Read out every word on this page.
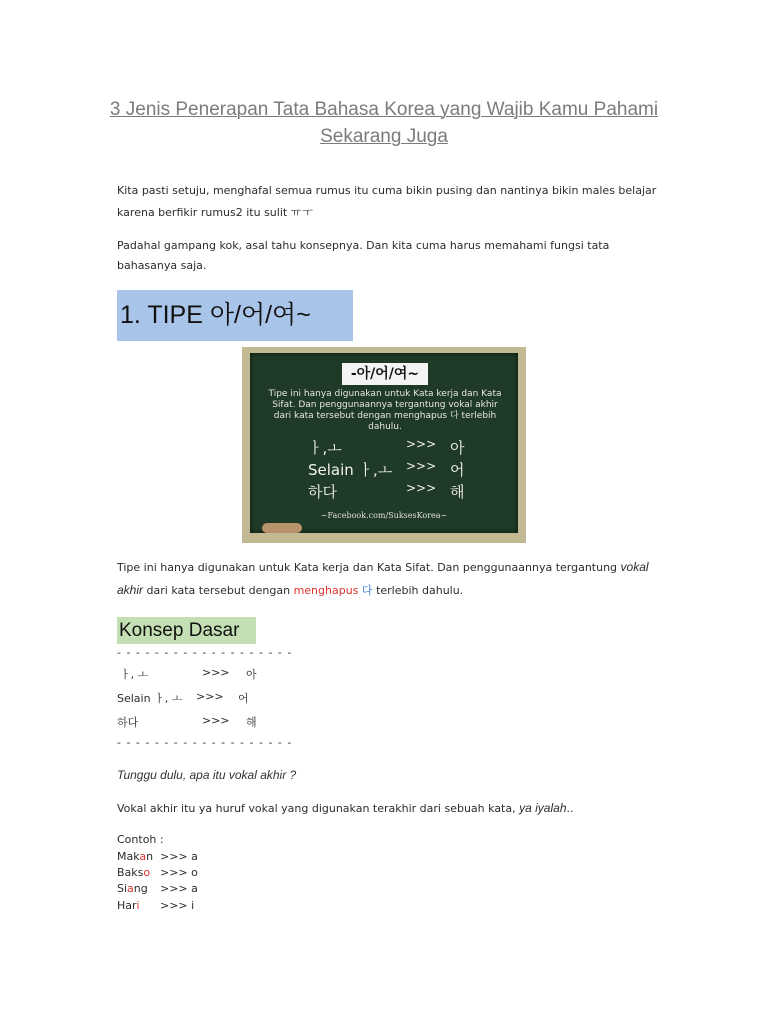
3 Jenis Penerapan Tata Bahasa Korea yang Wajib Kamu Pahami Sekarang Juga
Kita pasti setuju, menghafal semua rumus itu cuma bikin pusing dan nantinya bikin males belajar karena berfikir rumus2 itu sulit ㅠㅜ
Padahal gampang kok, asal tahu konsepnya. Dan kita cuma harus memahami fungsi tata bahasanya saja.
1. TIPE 아/어/여~
-아/어/여~
Tipe ini hanya digunakan untuk Kata kerja dan Kata Sifat. Dan penggunaannya tergantung vokal akhir dari kata tersebut dengan menghapus 다 terlebih dahulu.
ㅏ,ㅗ	>>> 아
Selain ㅏ,ㅗ >>> 어
하다	>>> 해
~Facebook.com/SuksesKorea~
Tipe ini hanya digunakan untuk Kata kerja dan Kata Sifat. Dan penggunaannya tergantung vokal akhir dari kata tersebut dengan menghapus 다 terlebih dahulu.
Konsep Dasar
- - - - - - - - - - - - - - - - - - -
ㅏ, ㅗ	>>> 아
Selain ㅏ, ㅗ >>> 어
하다	>>> 해
- - - - - - - - - - - - - - - - - - -
Tunggu dulu, apa itu vokal akhir ?
Vokal akhir itu ya huruf vokal yang digunakan terakhir dari sebuah kata, ya iyalah..
Contoh :
Makan >>> a
Bakso >>> o
Siang >>> a
Hari >>> i
